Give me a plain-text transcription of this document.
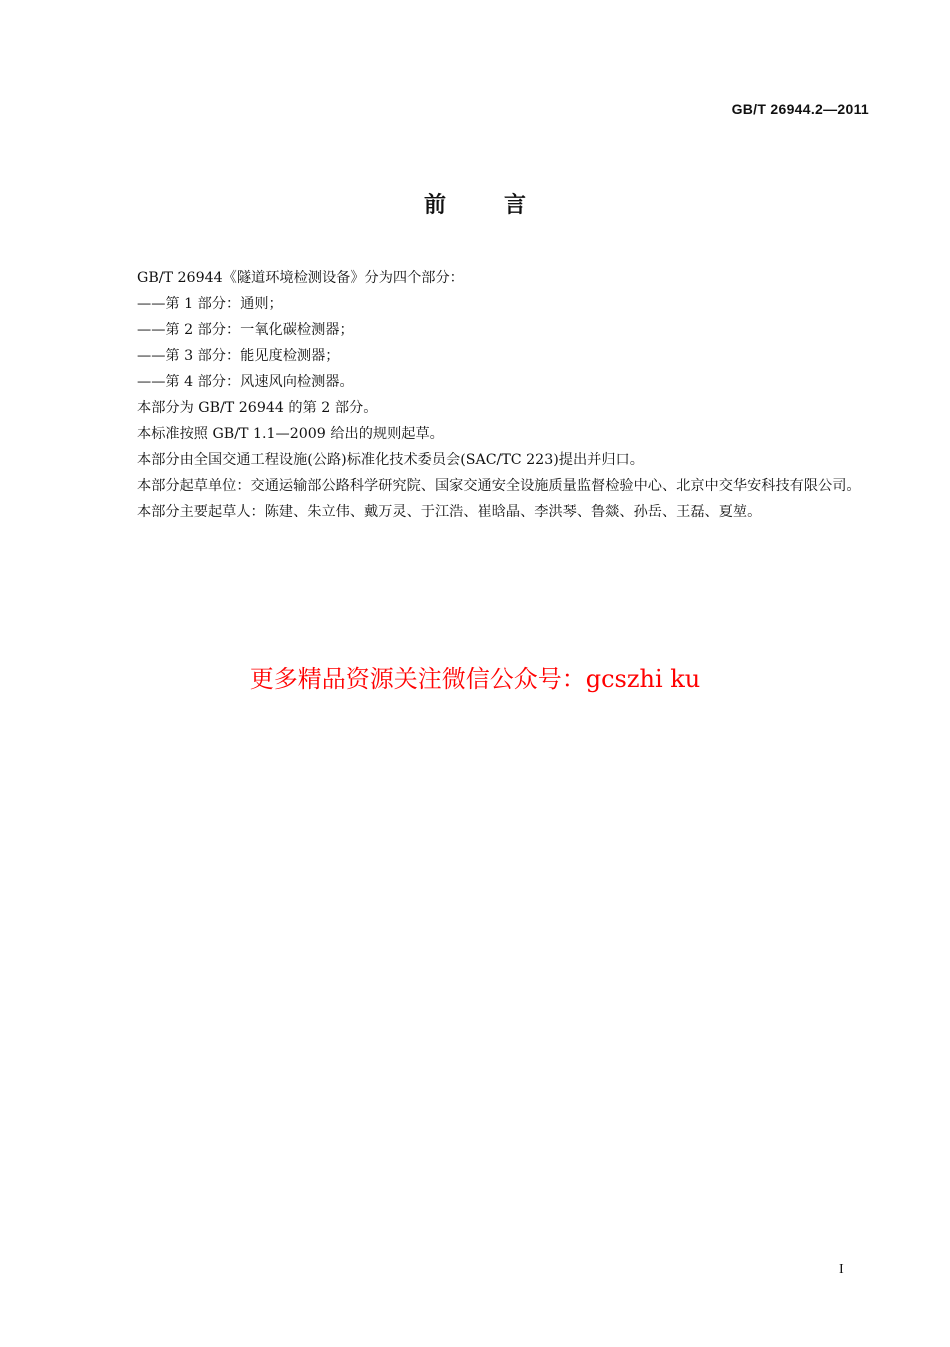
GB/T 26944.2—2011
前言

GB/T 26944《隧道环境检测设备》分为四个部分：

——第 1 部分：通则；

——第 2 部分：一氧化碳检测器；

——第 3 部分：能见度检测器；

——第 4 部分：风速风向检测器。

本部分为 GB/T 26944 的第 2 部分。

本标准按照 GB/T 1.1—2009 给出的规则起草。

本部分由全国交通工程设施(公路)标准化技术委员会(SAC/TC 223)提出并归口。

本部分起草单位：交通运输部公路科学研究院、国家交通安全设施质量监督检验中心、北京中交华安科技有限公司。

本部分主要起草人：陈建、朱立伟、戴万灵、于江浩、崔晗晶、李洪琴、鲁燚、孙岳、王磊、夏堃。

更多精品资源关注微信公众号：gcszhi ku
I
